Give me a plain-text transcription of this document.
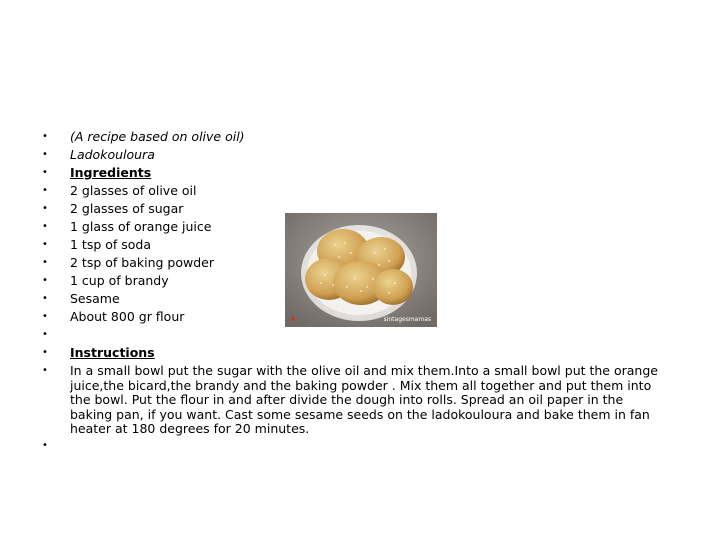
• (A recipe based on olive oil)
• Ladokouloura
• Ingredients
• 2 glasses of olive oil
• 2 glasses of sugar
• 1 glass of orange juice
• 1 tsp of soda
• 2 tsp of baking powder
• 1 cup of brandy
• Sesame
• About 800 gr flour
•
• Instructions
• In a small bowl put the sugar with the olive oil and mix them.Into a small bowl put the orange juice,the bicard,the brandy and the baking powder . Mix them all together and put them into the bowl. Put the flour in and after divide the dough into rolls. Spread an oil paper in the baking pan, if you want. Cast some sesame seeds on the ladokouloura and bake them in fan heater at 180 degrees for 20 minutes.
•
sintagesmamas
